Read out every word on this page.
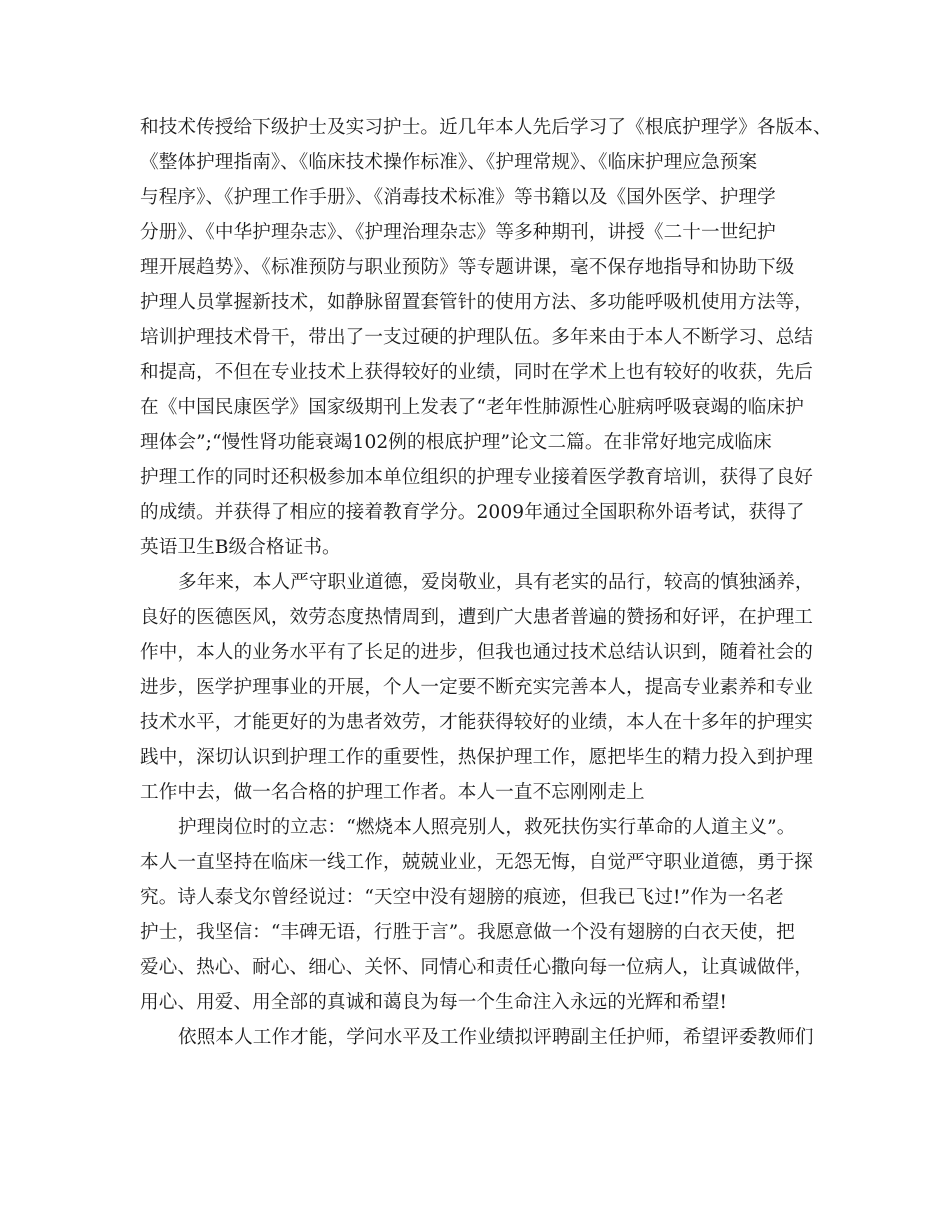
和技术传授给下级护士及实习护士。近几年本人先后学习了《根底护理学》各版本、
《整体护理指南》、《临床技术操作标准》、《护理常规》、《临床护理应急预案
与程序》、《护理工作手册》、《消毒技术标准》等书籍以及《国外医学、护理学
分册》、《中华护理杂志》、《护理治理杂志》等多种期刊，讲授《二十一世纪护
理开展趋势》、《标准预防与职业预防》等专题讲课，毫不保存地指导和协助下级
护理人员掌握新技术，如静脉留置套管针的使用方法、多功能呼吸机使用方法等，
培训护理技术骨干，带出了一支过硬的护理队伍。多年来由于本人不断学习、总结
和提高，不但在专业技术上获得较好的业绩，同时在学术上也有较好的收获，先后
在《中国民康医学》国家级期刊上发表了“老年性肺源性心脏病呼吸衰竭的临床护
理体会”;“慢性肾功能衰竭102例的根底护理”论文二篇。在非常好地完成临床
护理工作的同时还积极参加本单位组织的护理专业接着医学教育培训，获得了良好
的成绩。并获得了相应的接着教育学分。2009年通过全国职称外语考试，获得了
英语卫生B级合格证书。
多年来，本人严守职业道德，爱岗敬业，具有老实的品行，较高的慎独涵养，
良好的医德医风，效劳态度热情周到，遭到广大患者普遍的赞扬和好评，在护理工
作中，本人的业务水平有了长足的进步，但我也通过技术总结认识到，随着社会的
进步，医学护理事业的开展，个人一定要不断充实完善本人，提高专业素养和专业
技术水平，才能更好的为患者效劳，才能获得较好的业绩，本人在十多年的护理实
践中，深切认识到护理工作的重要性，热保护理工作，愿把毕生的精力投入到护理
工作中去，做一名合格的护理工作者。本人一直不忘刚刚走上
护理岗位时的立志：“燃烧本人照亮别人，救死扶伤实行革命的人道主义”。
本人一直坚持在临床一线工作，兢兢业业，无怨无悔，自觉严守职业道德，勇于探
究。诗人泰戈尔曾经说过：“天空中没有翅膀的痕迹，但我已飞过!”作为一名老
护士，我坚信：“丰碑无语，行胜于言”。我愿意做一个没有翅膀的白衣天使，把
爱心、热心、耐心、细心、关怀、同情心和责任心撒向每一位病人，让真诚做伴，
用心、用爱、用全部的真诚和蔼良为每一个生命注入永远的光辉和希望!
依照本人工作才能，学问水平及工作业绩拟评聘副主任护师，希望评委教师们
